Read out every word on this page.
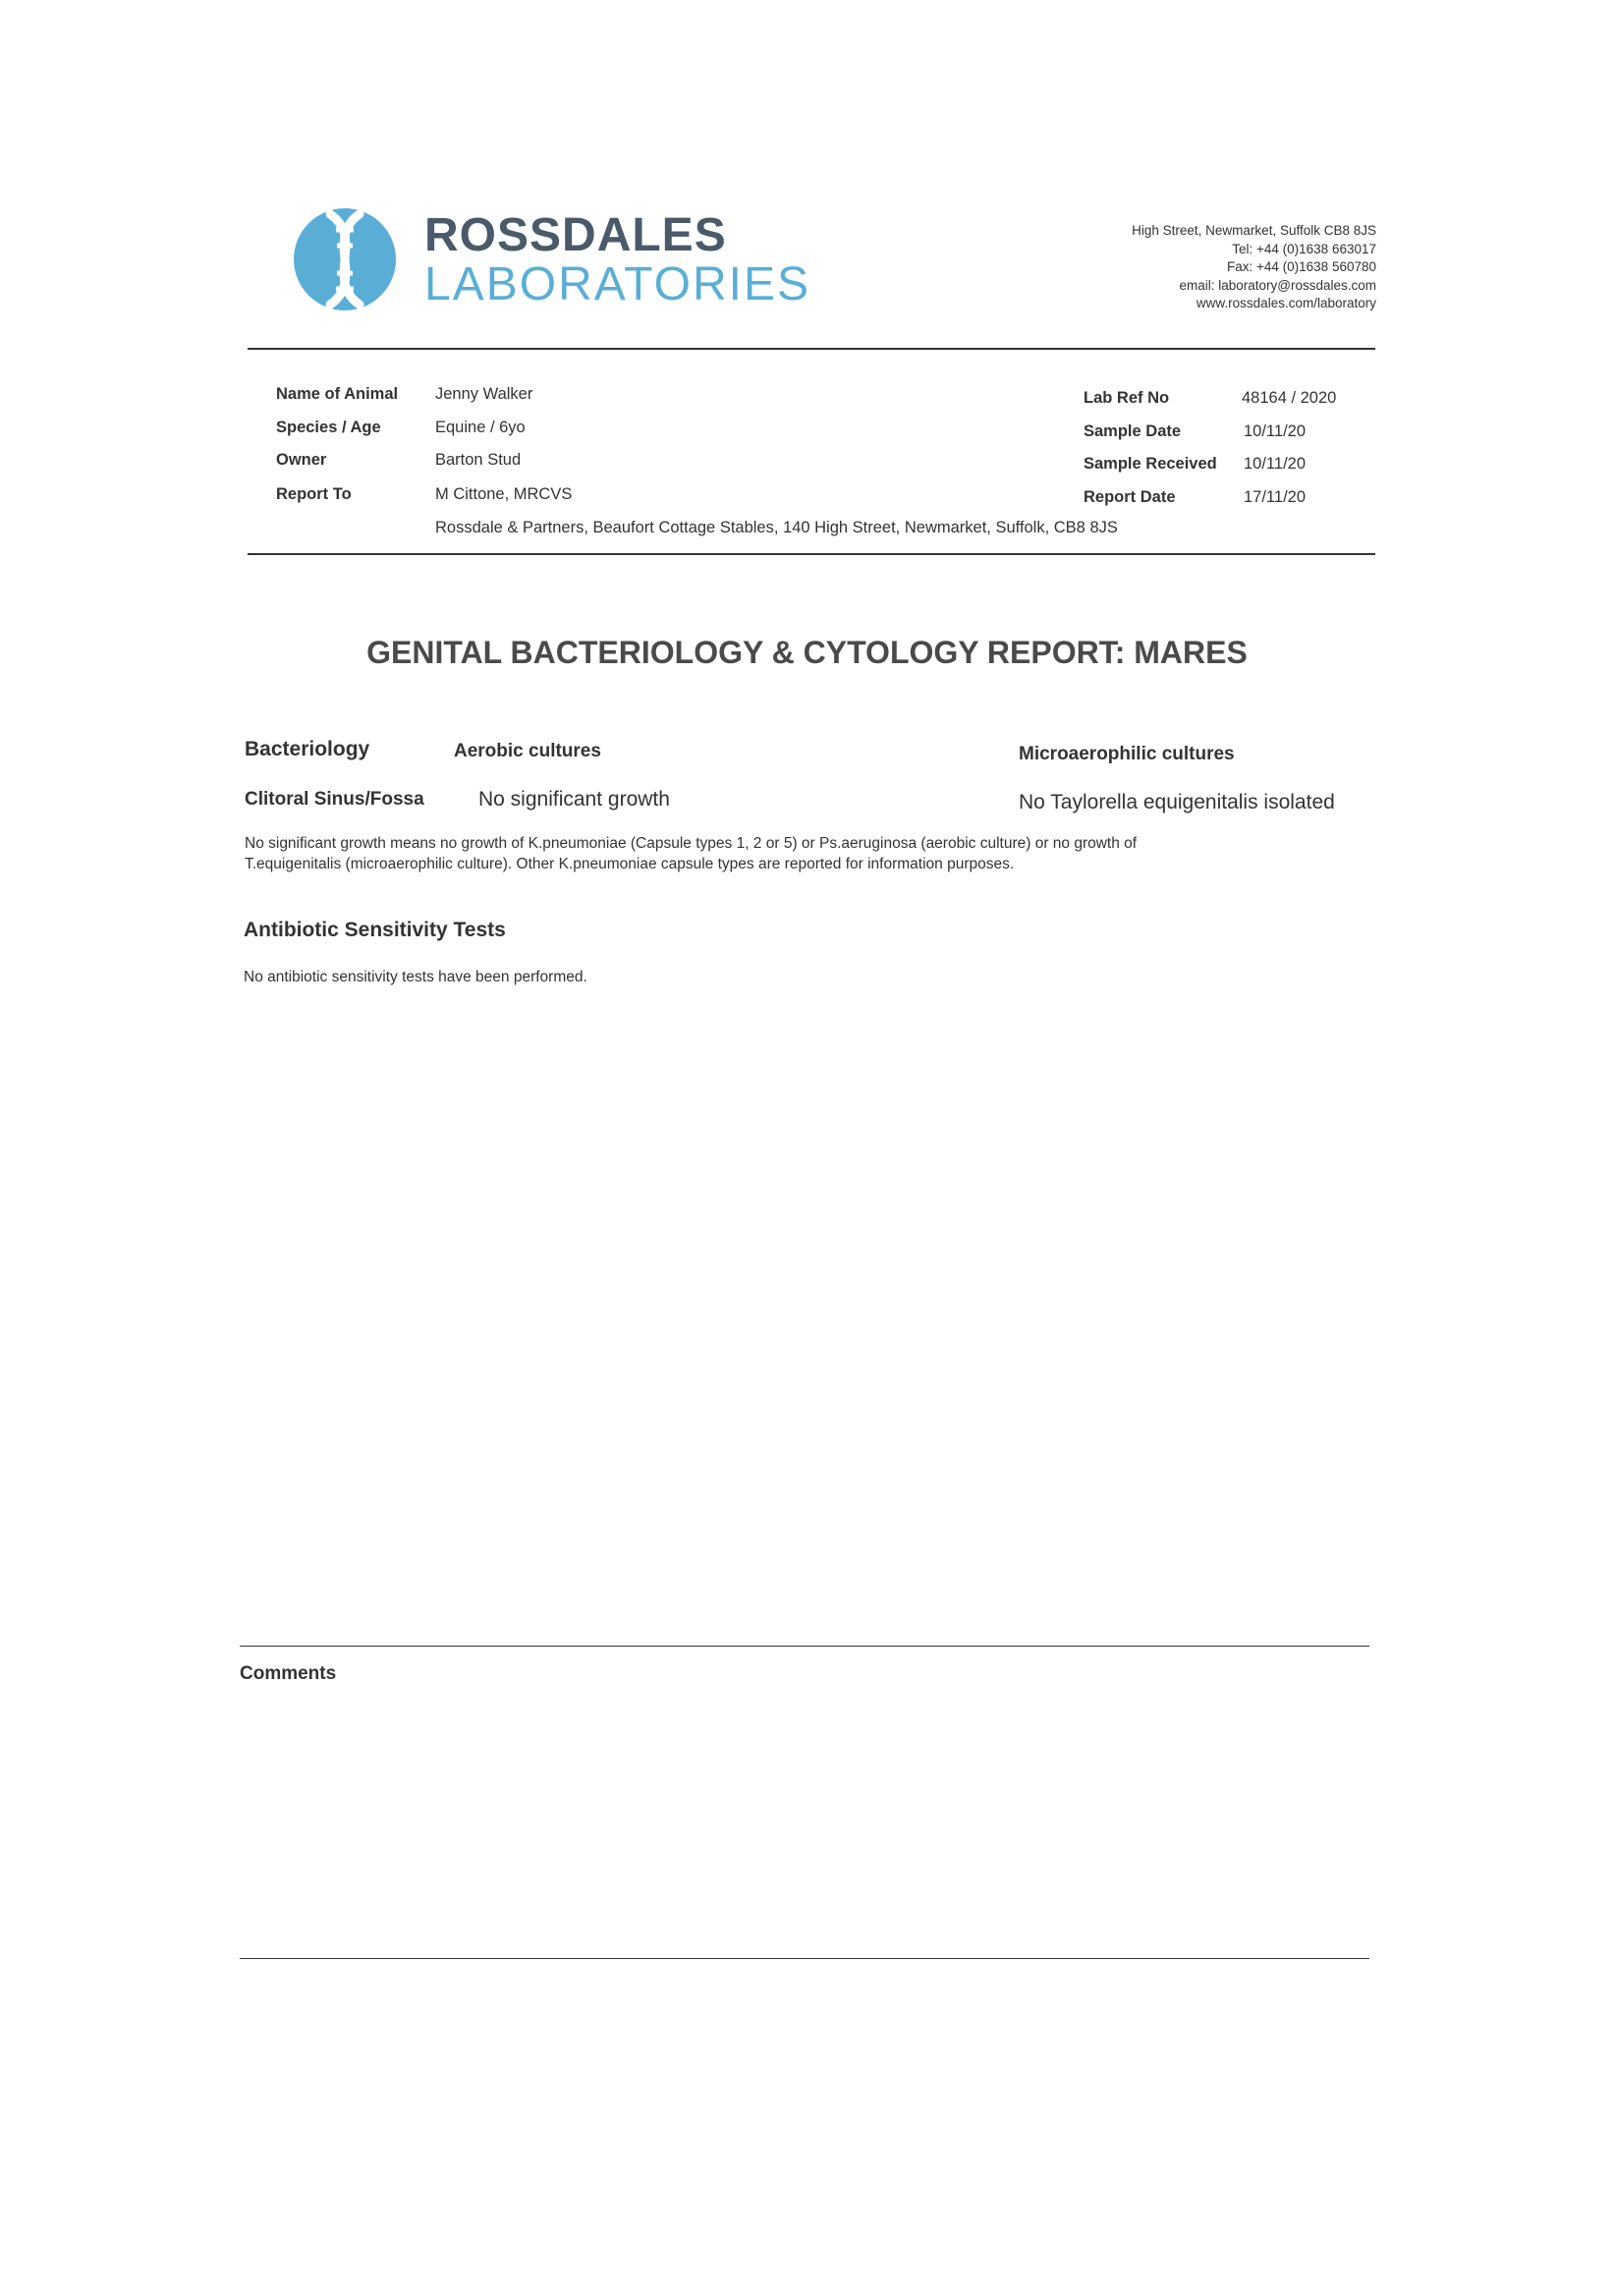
ROSSDALES
LABORATORIES
High Street, Newmarket, Suffolk CB8 8JS
Tel: +44 (0)1638 663017
Fax: +44 (0)1638 560780
email: laboratory@rossdales.com
www.rossdales.com/laboratory
Name of Animal Jenny Walker
Species / Age	Equine / 6yo
Owner	Barton Stud
Report To	M Cittone, MRCVS
Rossdale & Partners, Beaufort Cottage Stables, 140 High Street, Newmarket, Suffolk, CB8 8JS
Lab Ref No	48164 / 2020
Sample Date	10/11/20
Sample Received 10/11/20
Report Date	17/11/20
GENITAL BACTERIOLOGY & CYTOLOGY REPORT: MARES
Bacteriology	Aerobic cultures	Microaerophilic cultures
Clitoral Sinus/Fossa	No significant growth	No Taylorella equigenitalis isolated
No significant growth means no growth of K.pneumoniae (Capsule types 1, 2 or 5) or Ps.aeruginosa (aerobic culture) or no growth of
T.equigenitalis (microaerophilic culture). Other K.pneumoniae capsule types are reported for information purposes.
Antibiotic Sensitivity Tests
No antibiotic sensitivity tests have been performed.
Comments
